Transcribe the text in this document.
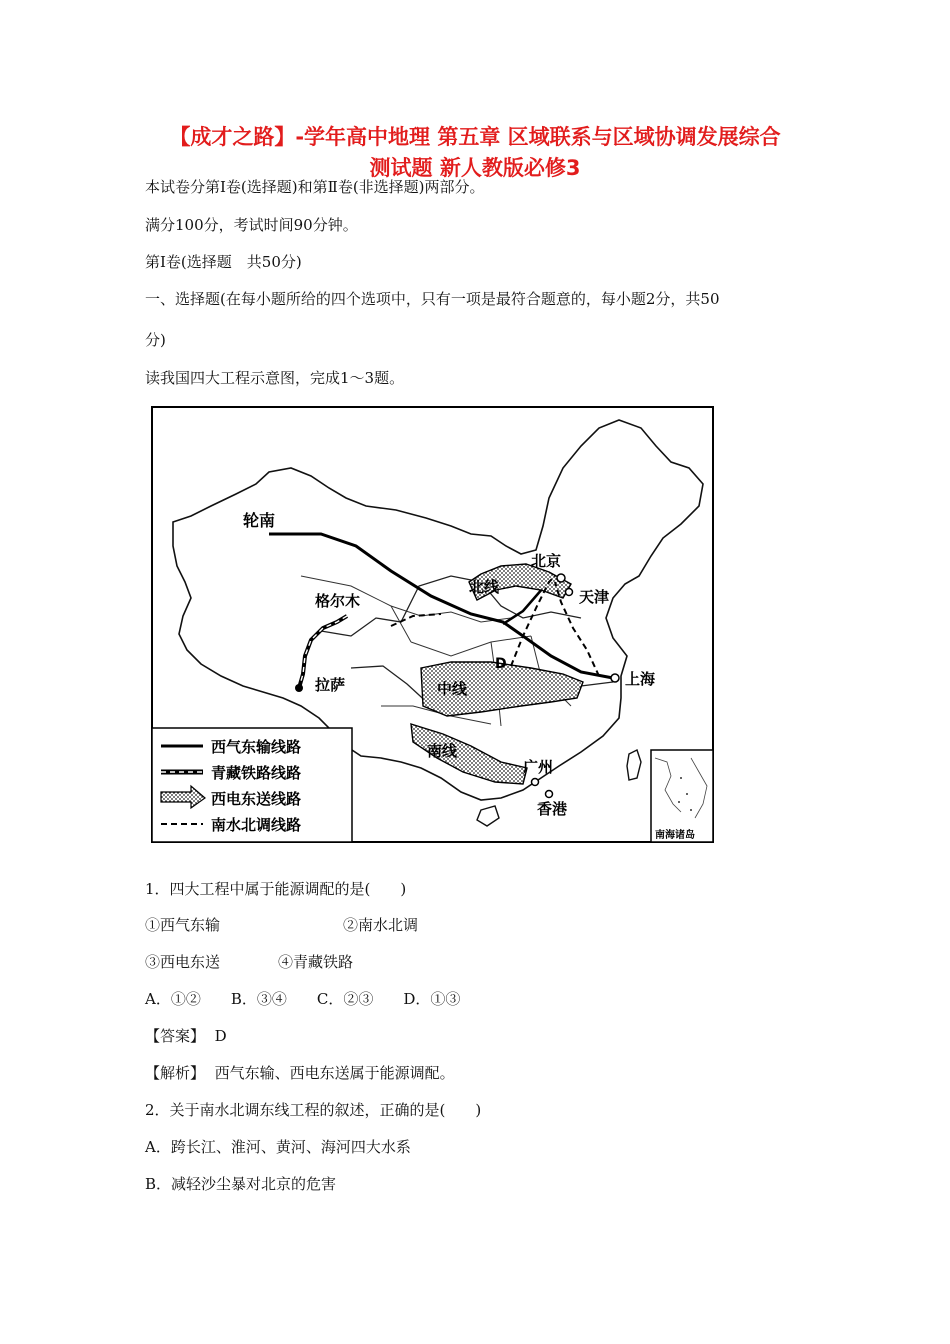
【成才之路】-学年高中地理 第五章 区域联系与区域协调发展综合
测试题 新人教版必修3
本试卷分第Ⅰ卷(选择题)和第Ⅱ卷(非选择题)两部分。
满分100分，考试时间90分钟。
第Ⅰ卷(选择题　共50分)
一、选择题(在每小题所给的四个选项中，只有一项是最符合题意的，每小题2分，共50
分)
读我国四大工程示意图，完成1～3题。
轮南
格尔木
拉萨
北线
中线
南线
D
北京
天津
上海
广州
香港
西气东输线路
青藏铁路线路
西电东送线路
南水北调线路
南海诸岛
1．四大工程中属于能源调配的是(　　)
①西气东输	②南水北调
③西电东送	④青藏铁路
A．①②　　B．③④　　C．②③　　D．①③
【答案】 D
【解析】 西气东输、西电东送属于能源调配。
2．关于南水北调东线工程的叙述，正确的是(　　)
A．跨长江、淮河、黄河、海河四大水系
B．减轻沙尘暴对北京的危害
